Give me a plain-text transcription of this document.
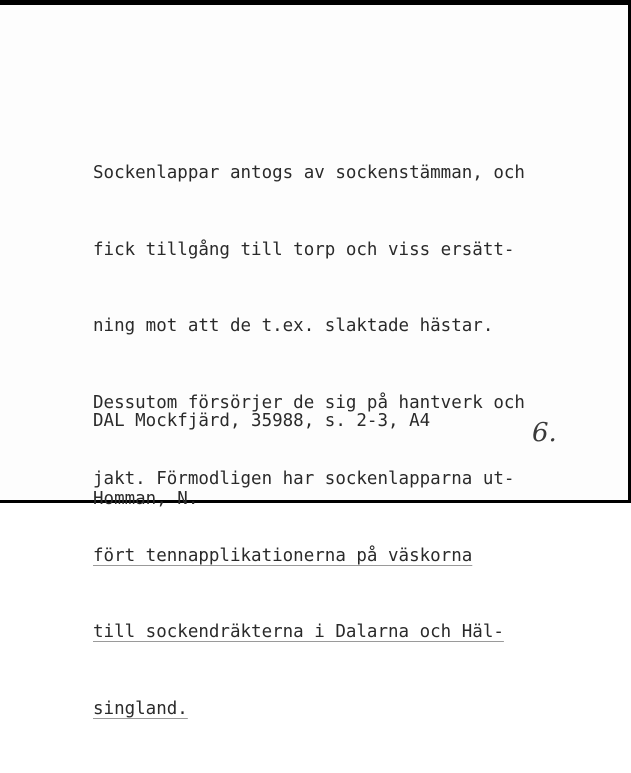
Sockenlappar antogs av sockenstämman, och

fick tillgång till torp och viss ersätt-

ning mot att de t.ex. slaktade hästar.

Dessutom försörjer de sig på hantverk och

jakt. Förmodligen har sockenlapparna ut-

fört tennapplikationerna på väskorna

till sockendräkterna i Dalarna och Häl-

singland.

DAL Mockfjärd, 35988, s. 2-3, A4

Homman, N.

6.
